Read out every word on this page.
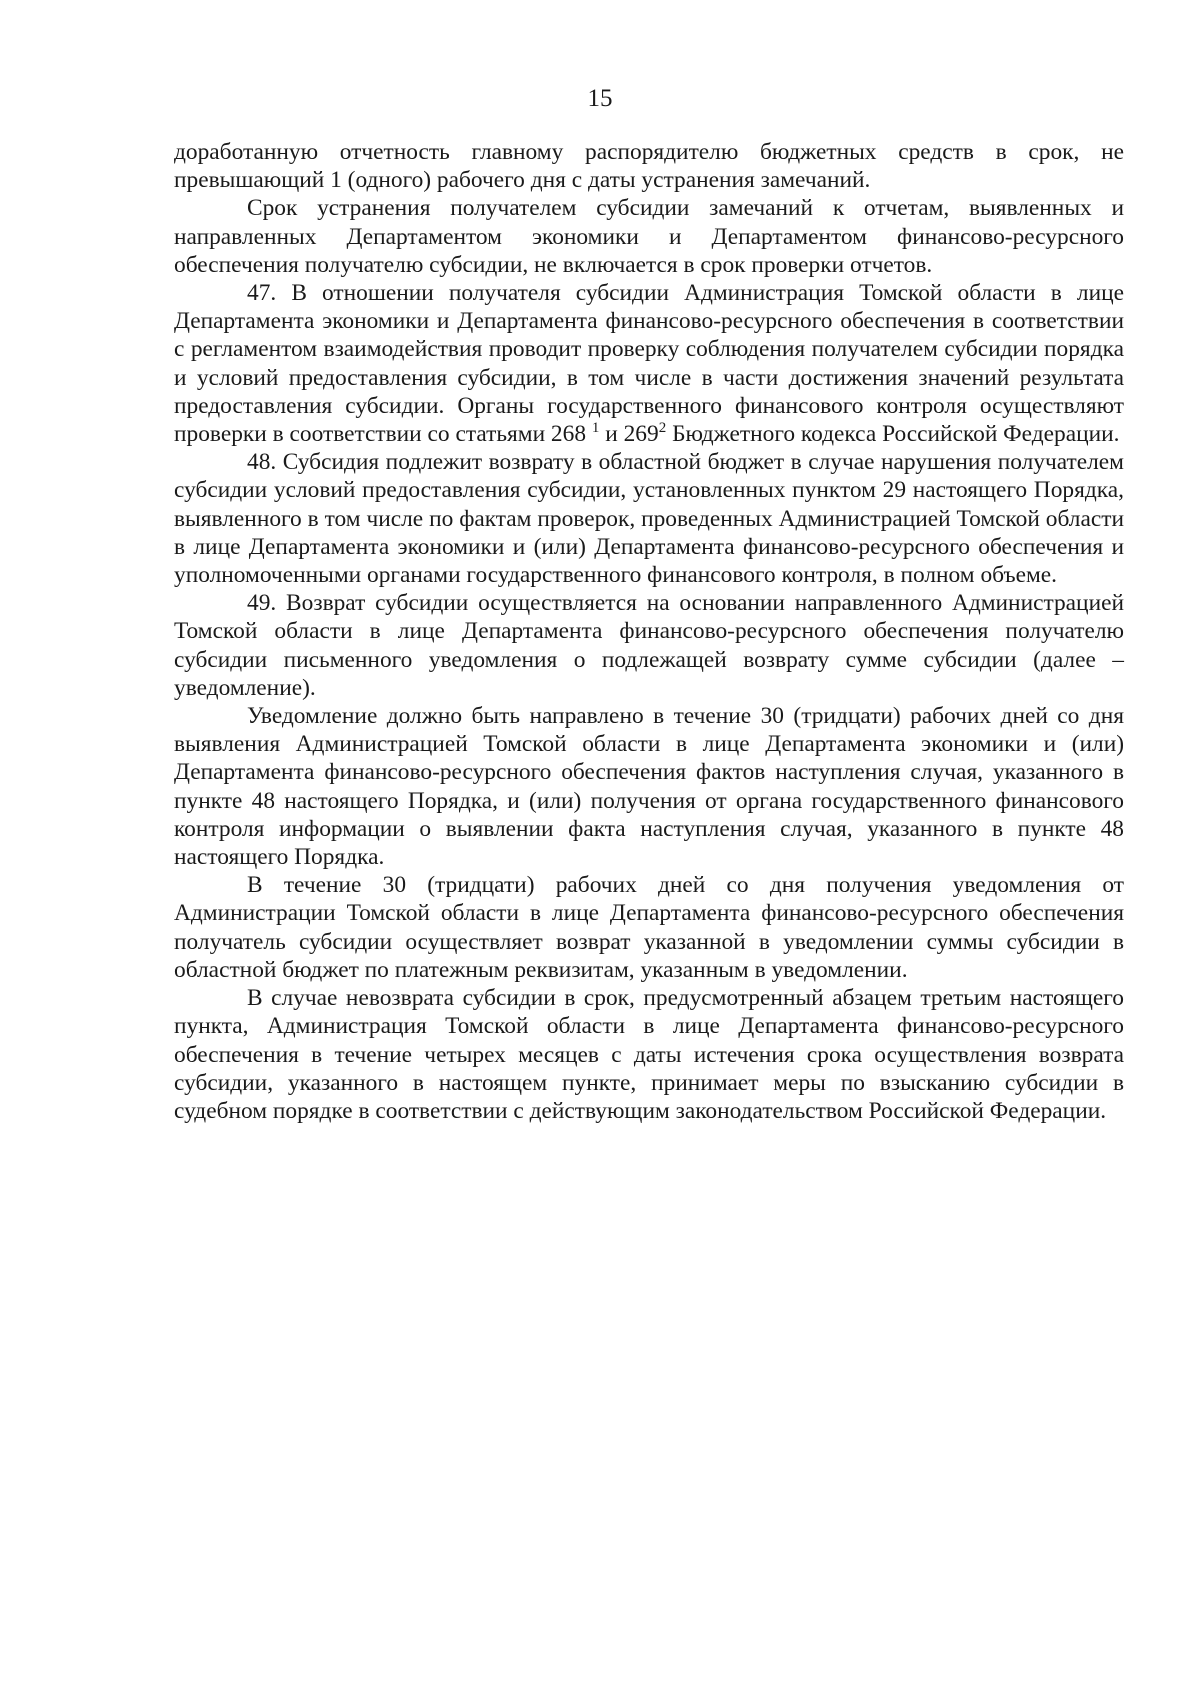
15

доработанную отчетность главному распорядителю бюджетных средств в срок, не превышающий 1 (одного) рабочего дня с даты устранения замечаний.

Срок устранения получателем субсидии замечаний к отчетам, выявленных и направленных Департаментом экономики и Департаментом финансово-ресурсного обеспечения получателю субсидии, не включается в срок проверки отчетов.

47. В отношении получателя субсидии Администрация Томской области в лице Департамента экономики и Департамента финансово-ресурсного обеспечения в соответствии с регламентом взаимодействия проводит проверку соблюдения получателем субсидии порядка и условий предоставления субсидии, в том числе в части достижения значений результата предоставления субсидии. Органы государственного финансового контроля осуществляют проверки в соответствии со статьями 268 $^1$ и $269^2$ Бюджетного кодекса Российской Федерации.

48. Субсидия подлежит возврату в областной бюджет в случае нарушения получателем субсидии условий предоставления субсидии, установленных пунктом 29 настоящего Порядка, выявленного в том числе по фактам проверок, проведенных Администрацией Томской области в лице Департамента экономики и (или) Департамента финансово-ресурсного обеспечения и уполномоченными органами государственного финансового контроля, в полном объеме.

49. Возврат субсидии осуществляется на основании направленного Администрацией Томской области в лице Департамента финансово-ресурсного обеспечения получателю субсидии письменного уведомления о подлежащей возврату сумме субсидии (далее – уведомление).

Уведомление должно быть направлено в течение 30 (тридцати) рабочих дней со дня выявления Администрацией Томской области в лице Департамента экономики и (или) Департамента финансово-ресурсного обеспечения фактов наступления случая, указанного в пункте 48 настоящего Порядка, и (или) получения от органа государственного финансового контроля информации о выявлении факта наступления случая, указанного в пункте 48 настоящего Порядка.

В течение 30 (тридцати) рабочих дней со дня получения уведомления от Администрации Томской области в лице Департамента финансово-ресурсного обеспечения получатель субсидии осуществляет возврат указанной в уведомлении суммы субсидии в областной бюджет по платежным реквизитам, указанным в уведомлении.

В случае невозврата субсидии в срок, предусмотренный абзацем третьим настоящего пункта, Администрация Томской области в лице Департамента финансово-ресурсного обеспечения в течение четырех месяцев с даты истечения срока осуществления возврата субсидии, указанного в настоящем пункте, принимает меры по взысканию субсидии в судебном порядке в соответствии с действующим законодательством Российской Федерации.
